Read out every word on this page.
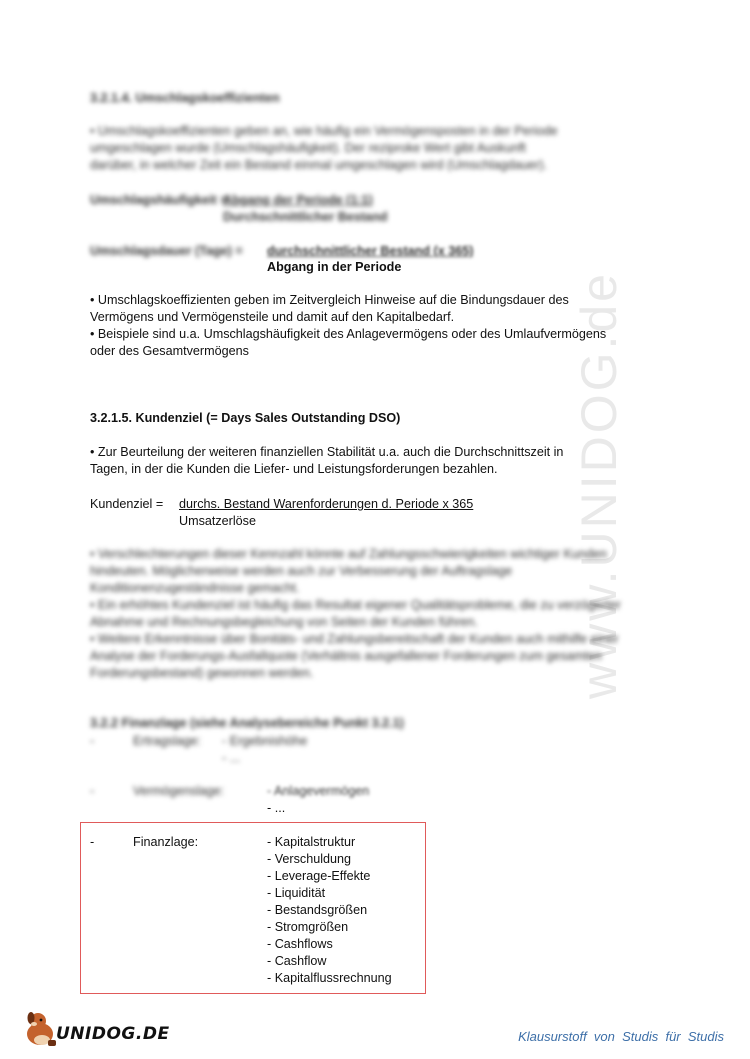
www.UNIDOG.de
3.2.1.4. Umschlagskoeffizienten
• Umschlagskoeffizienten geben an, wie häufig ein Vermögensposten in der Periode
umgeschlagen wurde (Umschlagshäufigkeit). Der reziproke Wert gibt Auskunft
darüber, in welcher Zeit ein Bestand einmal umgeschlagen wird (Umschlagdauer).
Umschlagshäufigkeit =
Abgang der Periode (1:1)
Durchschnittlicher Bestand
Umschlagsdauer (Tage) = durchschnittlicher Bestand (x 365)
Abgang in der Periode
• Umschlagskoeffizienten geben im Zeitvergleich Hinweise auf die Bindungsdauer des
Vermögens und Vermögensteile und damit auf den Kapitalbedarf.
• Beispiele sind u.a. Umschlagshäufigkeit des Anlagevermögens oder des Umlaufvermögens
oder des Gesamtvermögens
3.2.1.5. Kundenziel (= Days Sales Outstanding DSO)
• Zur Beurteilung der weiteren finanziellen Stabilität u.a. auch die Durchschnittszeit in
Tagen, in der die Kunden die Liefer- und Leistungsforderungen bezahlen.
Kundenziel = durchs. Bestand Warenforderungen d. Periode x 365
Umsatzerlöse
• Verschlechterungen dieser Kennzahl könnte auf Zahlungsschwierigkeiten wichtiger Kunden
hindeuten. Möglicherweise werden auch zur Verbesserung der Auftragslage
Konditionenzugeständnisse gemacht.
• Ein erhöhtes Kundenziel ist häufig das Resultat eigener Qualitätsprobleme, die zu verzögerter
Abnahme und Rechnungsbegleichung von Seiten der Kunden führen.
• Weitere Erkenntnisse über Bonitäts- und Zahlungsbereitschaft der Kunden auch mithilfe einer
Analyse der Forderungs-Ausfallquote (Verhältnis ausgefallener Forderungen zum gesamten
Forderungsbestand) gewonnen werden.
3.2.2 Finanzlage (siehe Analysebereiche Punkt 3.2.1)
-	Ertragslage: - Ergebnishöhe
- ...
-	Vermögenslage:	- Anlagevermögen
- ...
-	Finanzlage:	- Kapitalstruktur
- Verschuldung
- Leverage-Effekte
- Liquidität
- Bestandsgrößen
- Stromgrößen
- Cashflows
- Cashflow
- Kapitalflussrechnung
UNIDOG.DE	Klausurstoff  von  Studis  für  Studis
